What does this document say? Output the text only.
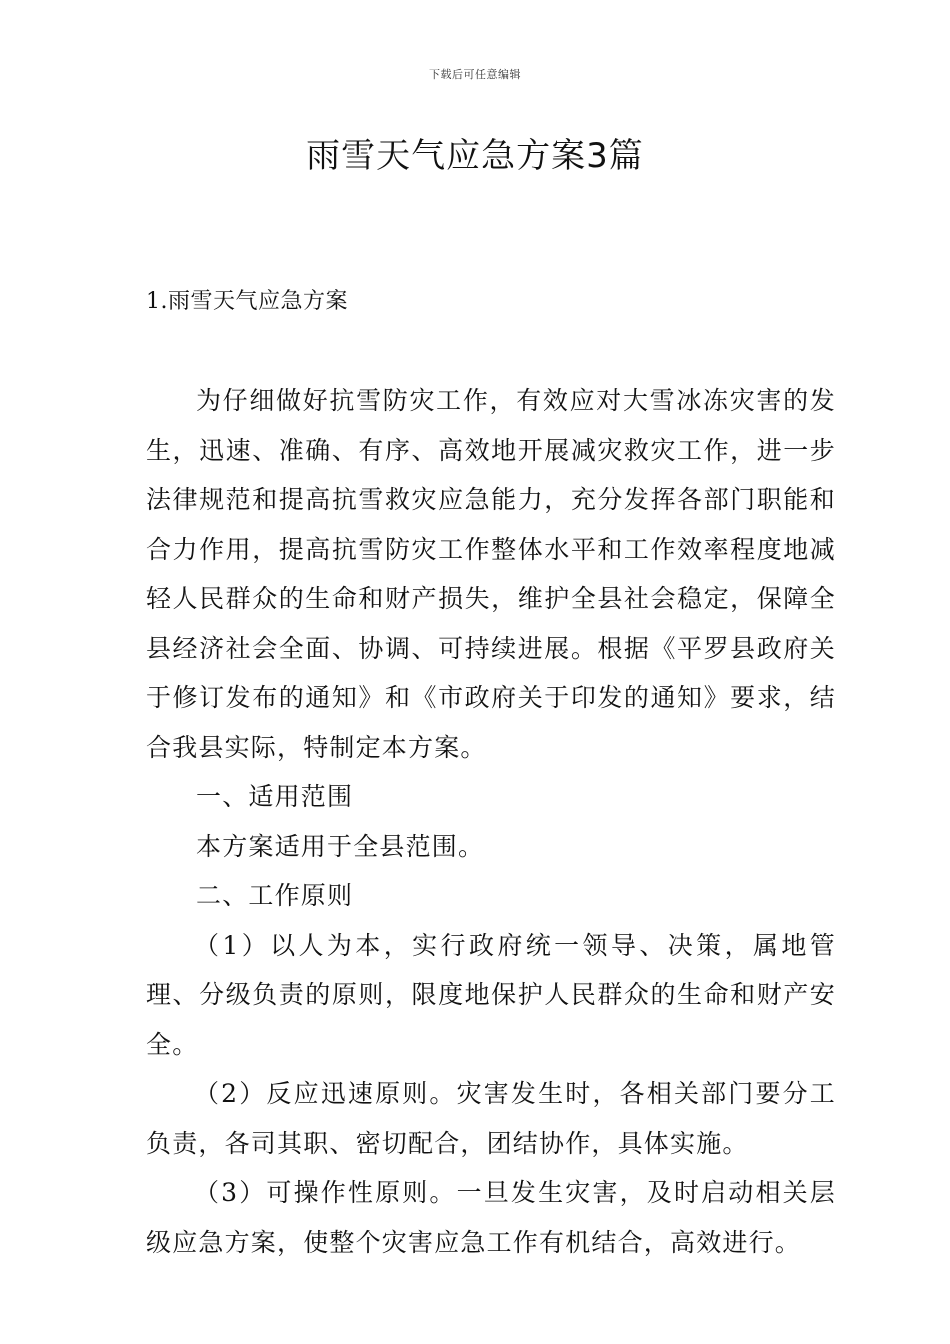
下载后可任意编辑
雨雪天气应急方案3篇
1.雨雪天气应急方案

为仔细做好抗雪防灾工作，有效应对大雪冰冻灾害的发生，迅速、准确、有序、高效地开展减灾救灾工作，进一步法律规范和提高抗雪救灾应急能力，充分发挥各部门职能和合力作用，提高抗雪防灾工作整体水平和工作效率程度地减轻人民群众的生命和财产损失，维护全县社会稳定，保障全县经济社会全面、协调、可持续进展。根据《平罗县政府关于修订发布的通知》和《市政府关于印发的通知》要求，结合我县实际，特制定本方案。

一、适用范围

本方案适用于全县范围。

二、工作原则

（1）以人为本，实行政府统一领导、决策，属地管理、分级负责的原则，限度地保护人民群众的生命和财产安全。

（2）反应迅速原则。灾害发生时，各相关部门要分工负责，各司其职、密切配合，团结协作，具体实施。

（3）可操作性原则。一旦发生灾害，及时启动相关层级应急方案，使整个灾害应急工作有机结合，高效进行。
